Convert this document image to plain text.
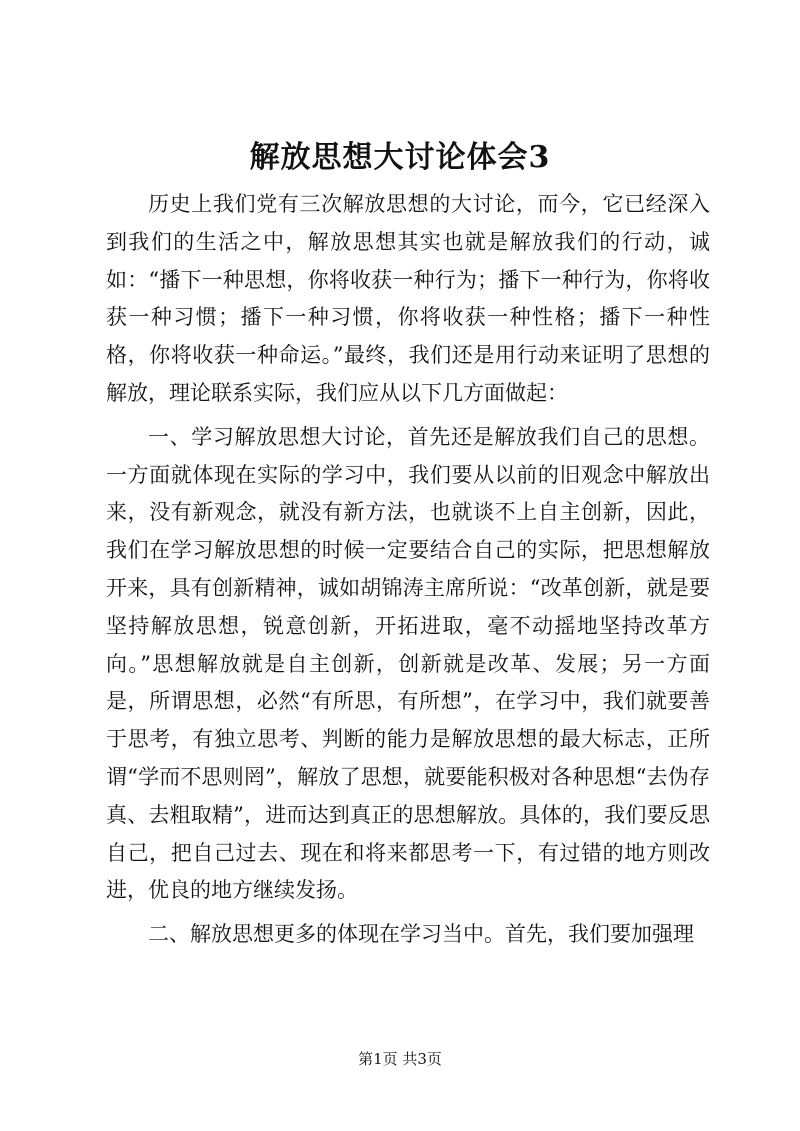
解放思想大讨论体会3

历史上我们党有三次解放思想的大讨论，而今，它已经深入到我们的生活之中，解放思想其实也就是解放我们的行动，诚如：“播下一种思想，你将收获一种行为；播下一种行为，你将收获一种习惯；播下一种习惯，你将收获一种性格；播下一种性格，你将收获一种命运。”最终，我们还是用行动来证明了思想的解放，理论联系实际，我们应从以下几方面做起：

一、学习解放思想大讨论，首先还是解放我们自己的思想。一方面就体现在实际的学习中，我们要从以前的旧观念中解放出来，没有新观念，就没有新方法，也就谈不上自主创新，因此，我们在学习解放思想的时候一定要结合自己的实际，把思想解放开来，具有创新精神，诚如胡锦涛主席所说：“改革创新，就是要坚持解放思想，锐意创新，开拓进取，毫不动摇地坚持改革方向。”思想解放就是自主创新，创新就是改革、发展；另一方面是，所谓思想，必然“有所思，有所想”，在学习中，我们就要善于思考，有独立思考、判断的能力是解放思想的最大标志，正所谓“学而不思则罔”，解放了思想，就要能积极对各种思想“去伪存真、去粗取精”，进而达到真正的思想解放。具体的，我们要反思自己，把自己过去、现在和将来都思考一下，有过错的地方则改进，优良的地方继续发扬。

二、解放思想更多的体现在学习当中。首先，我们要加强理

第1页 共3页
